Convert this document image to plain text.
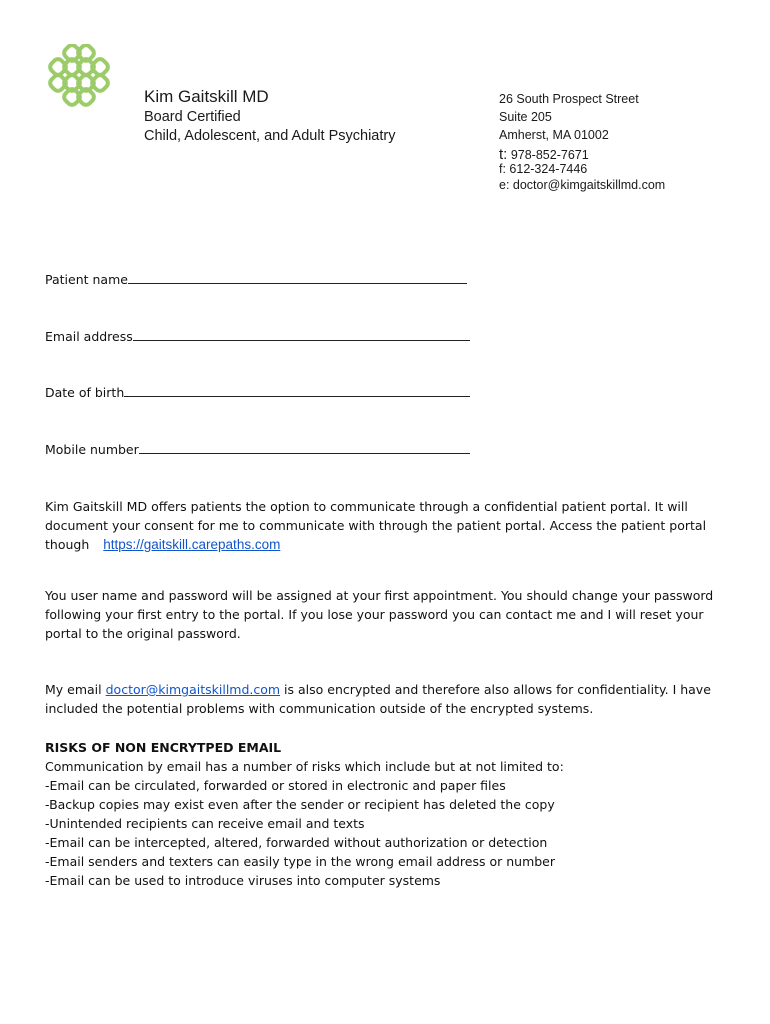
Kim Gaitskill MD
Board Certified
Child, Adolescent, and Adult Psychiatry
26 South Prospect Street
Suite 205
Amherst, MA 01002
t: 978-852-7671
f: 612-324-7446
e: doctor@kimgaitskillmd.com
Patient name
Email address
Date of birth
Mobile number
Kim Gaitskill MD offers patients the option to communicate through a confidential patient portal. It will
document your consent for me to communicate with through the patient portal. Access the patient portal
though https://gaitskill.carepaths.com
You user name and password will be assigned at your first appointment. You should change your password
following your first entry to the portal. If you lose your password you can contact me and I will reset your
portal to the original password.
My email doctor@kimgaitskillmd.com is also encrypted and therefore also allows for confidentiality. I have
included the potential problems with communication outside of the encrypted systems.
RISKS OF NON ENCRYTPED EMAIL
Communication by email has a number of risks which include but at not limited to:
-Email can be circulated, forwarded or stored in electronic and paper files
-Backup copies may exist even after the sender or recipient has deleted the copy
-Unintended recipients can receive email and texts
-Email can be intercepted, altered, forwarded without authorization or detection
-Email senders and texters can easily type in the wrong email address or number
-Email can be used to introduce viruses into computer systems
